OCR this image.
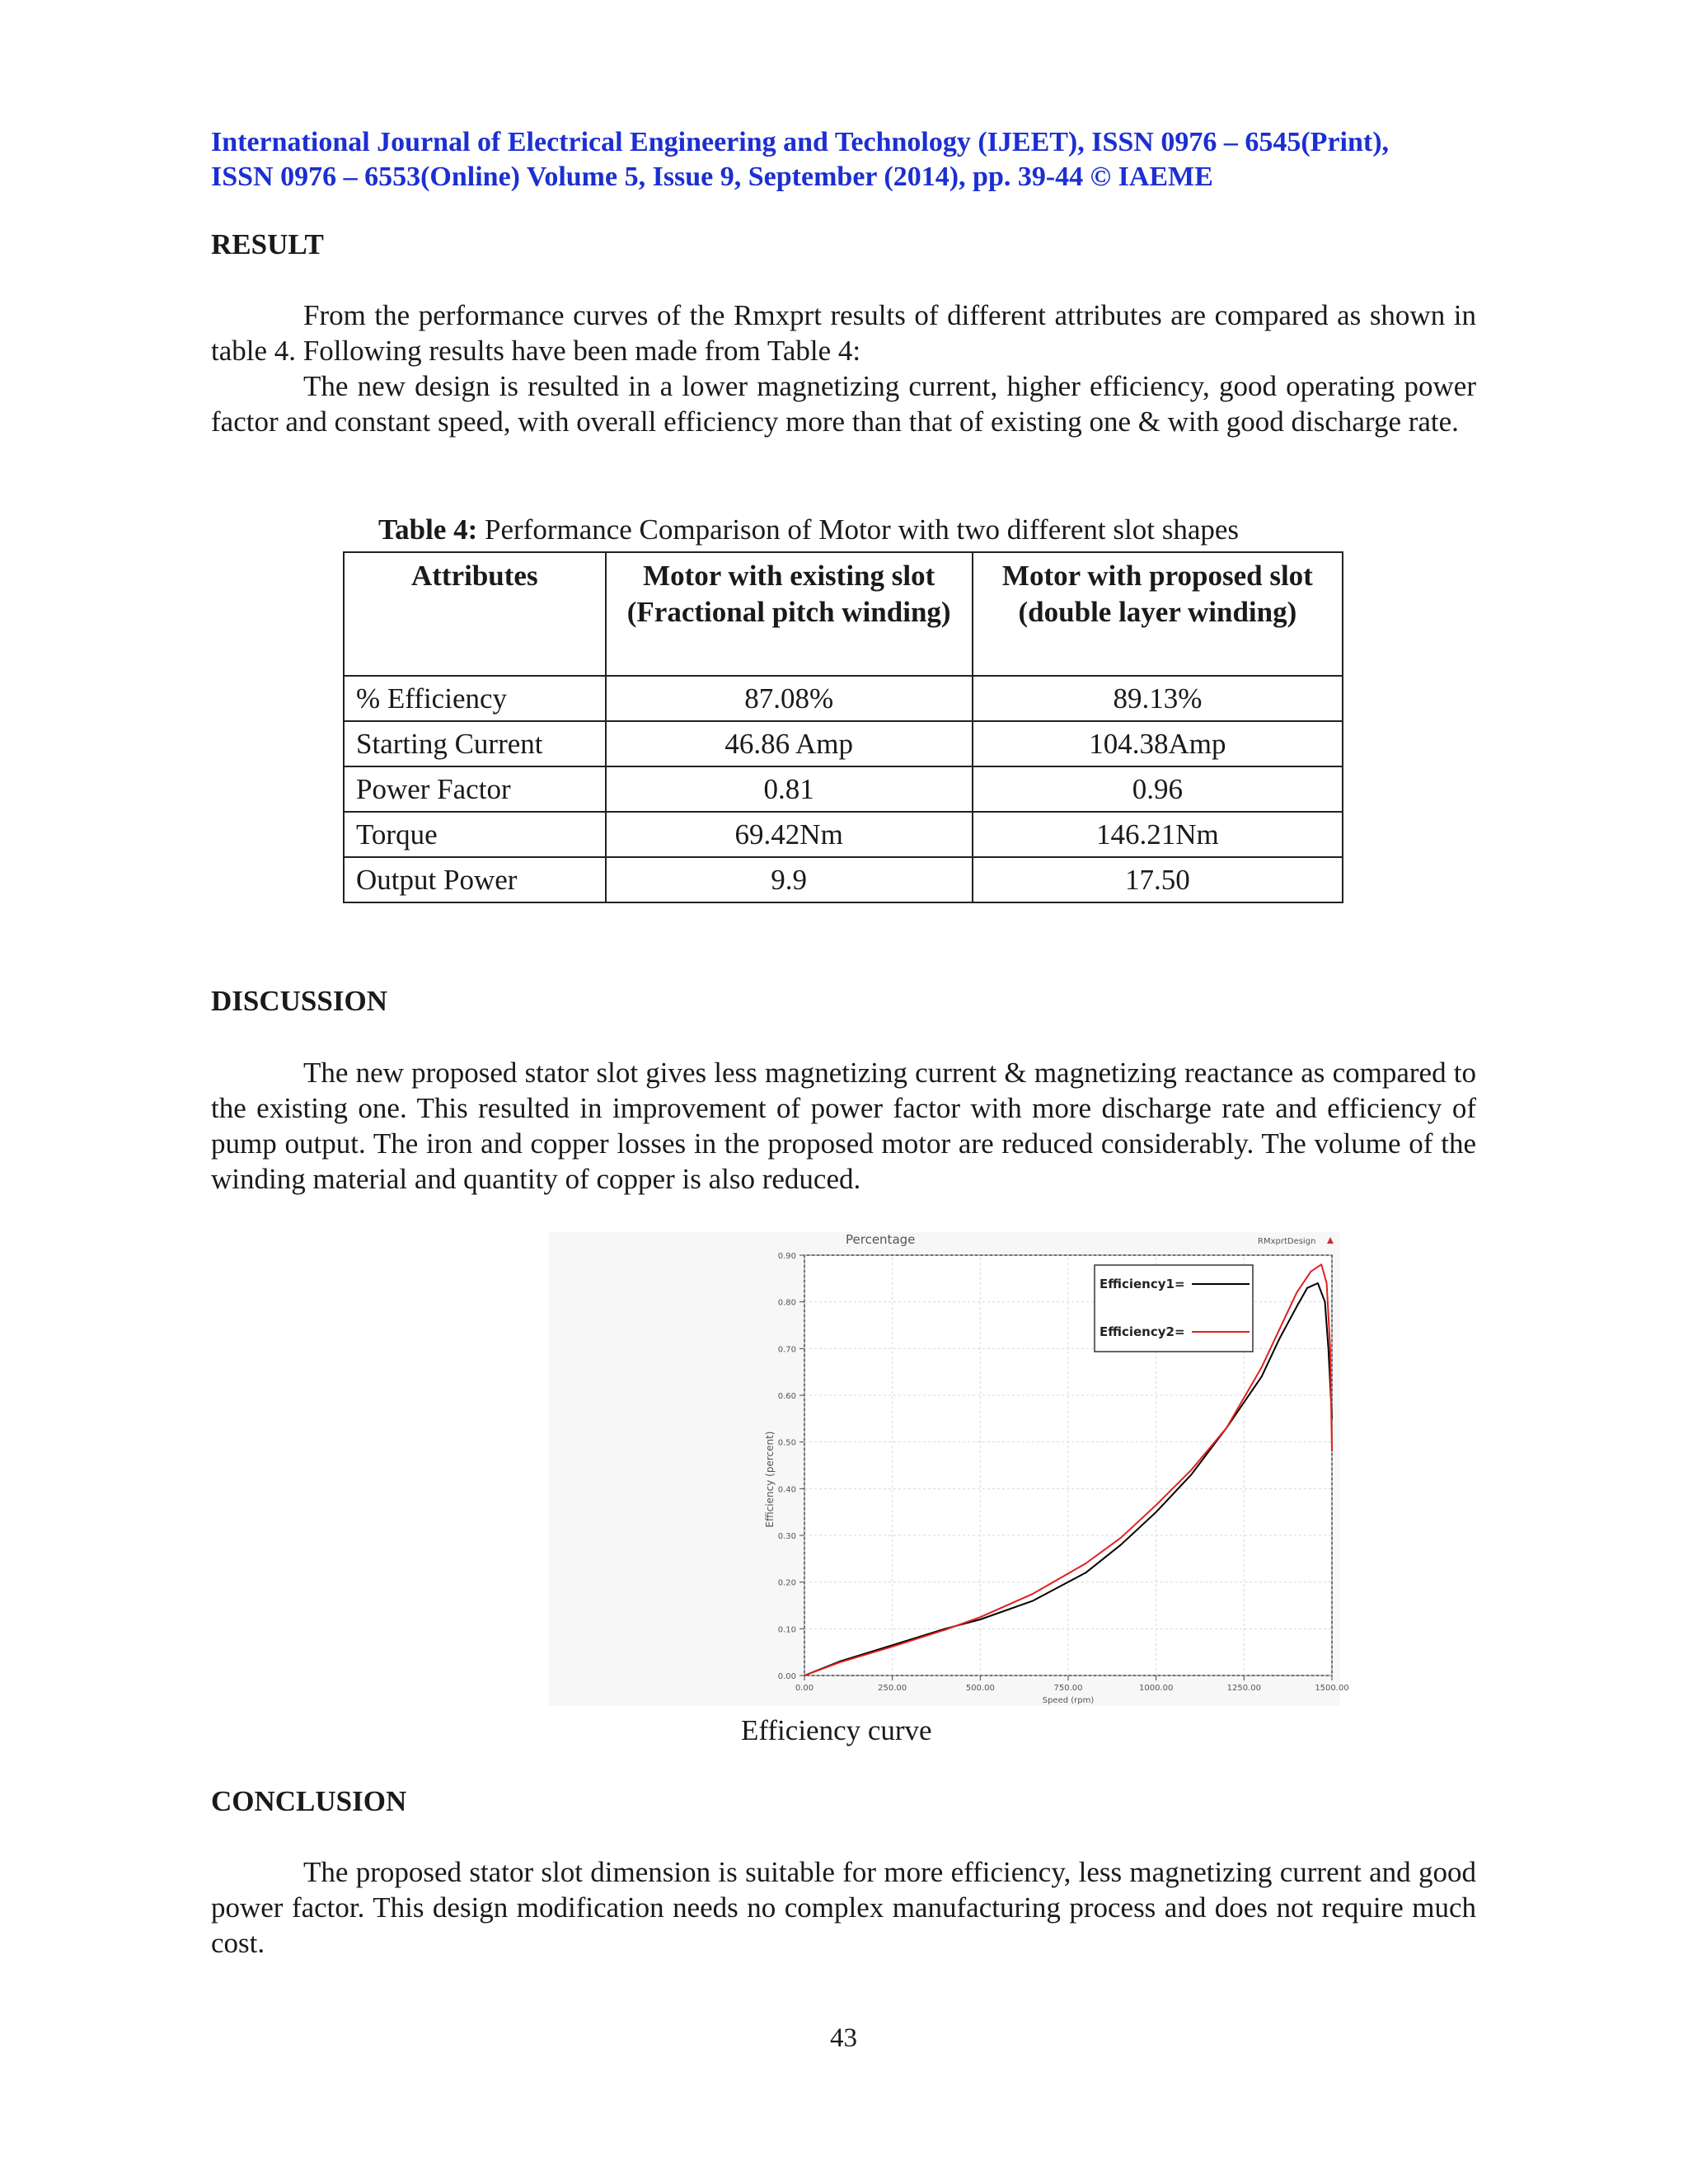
International Journal of Electrical Engineering and Technology (IJEET), ISSN 0976 – 6545(Print),
ISSN 0976 – 6553(Online) Volume 5, Issue 9, September (2014), pp. 39-44 © IAEME
RESULT

From the performance curves of the Rmxprt results of different attributes are compared as shown in table 4. Following results have been made from Table 4:

The new design is resulted in a lower magnetizing current, higher efficiency, good operating power factor and constant speed, with overall efficiency more than that of existing one & with good discharge rate.

Table 4: Performance Comparison of Motor with two different slot shapes
Attributes	Motor with existing slot (Fractional pitch winding)	Motor with proposed slot (double layer winding)
% Efficiency	87.08%	89.13%
Starting Current	46.86 Amp	104.38Amp
Power Factor	0.81	0.96
Torque	69.42Nm	146.21Nm
Output Power	9.9	17.50
DISCUSSION

The new proposed stator slot gives less magnetizing current & magnetizing reactance as compared to the existing one. This resulted in improvement of power factor with more discharge rate and efficiency of pump output. The iron and copper losses in the proposed motor are reduced considerably. The volume of the winding material and quantity of copper is also reduced.

Percentage	RMxprtDesign
0.00
0.10
0.20
0.30
0.40
0.50
0.60
0.70
0.80
0.90
0.00	250.00	500.00	750.00	1000.00	1250.00	1500.00
Efficiency (percent)
Speed (rpm)
Efficiency1=
Efficiency2=
Efficiency curve
CONCLUSION

The proposed stator slot dimension is suitable for more efficiency, less magnetizing current and good power factor. This design modification needs no complex manufacturing process and does not require much cost.

43
